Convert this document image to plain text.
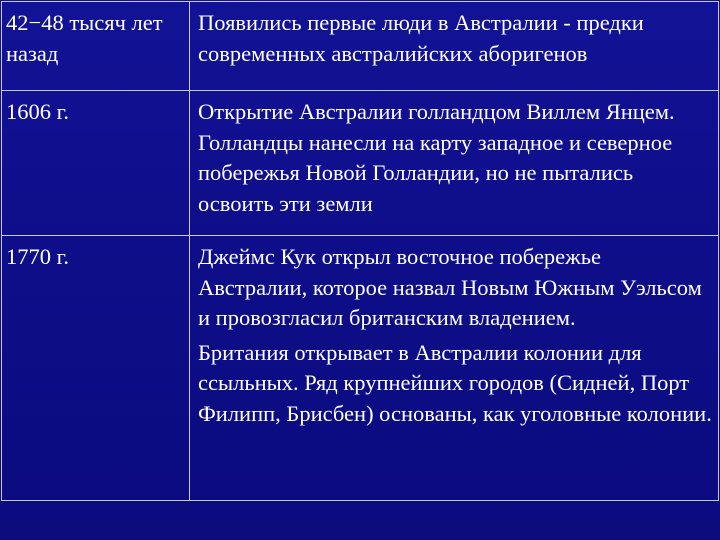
42−48 тысяч лет назад	Появились первые люди в Австралии - предки современных австралийских аборигенов

1606 г.	Открытие Австралии голландцом Виллем Янцем. Голландцы нанесли на карту западное и северное побережья Новой Голландии, но не пытались освоить эти земли

1770 г.	Джеймс Кук открыл восточное побережье Австралии, которое назвал Новым Южным Уэльсом и провозгласил британским владением.
Британия открывает в Австралии колонии для ссыльных. Ряд крупнейших городов (Сидней, Порт Филипп, Брисбен) основаны, как уголовные колонии.
